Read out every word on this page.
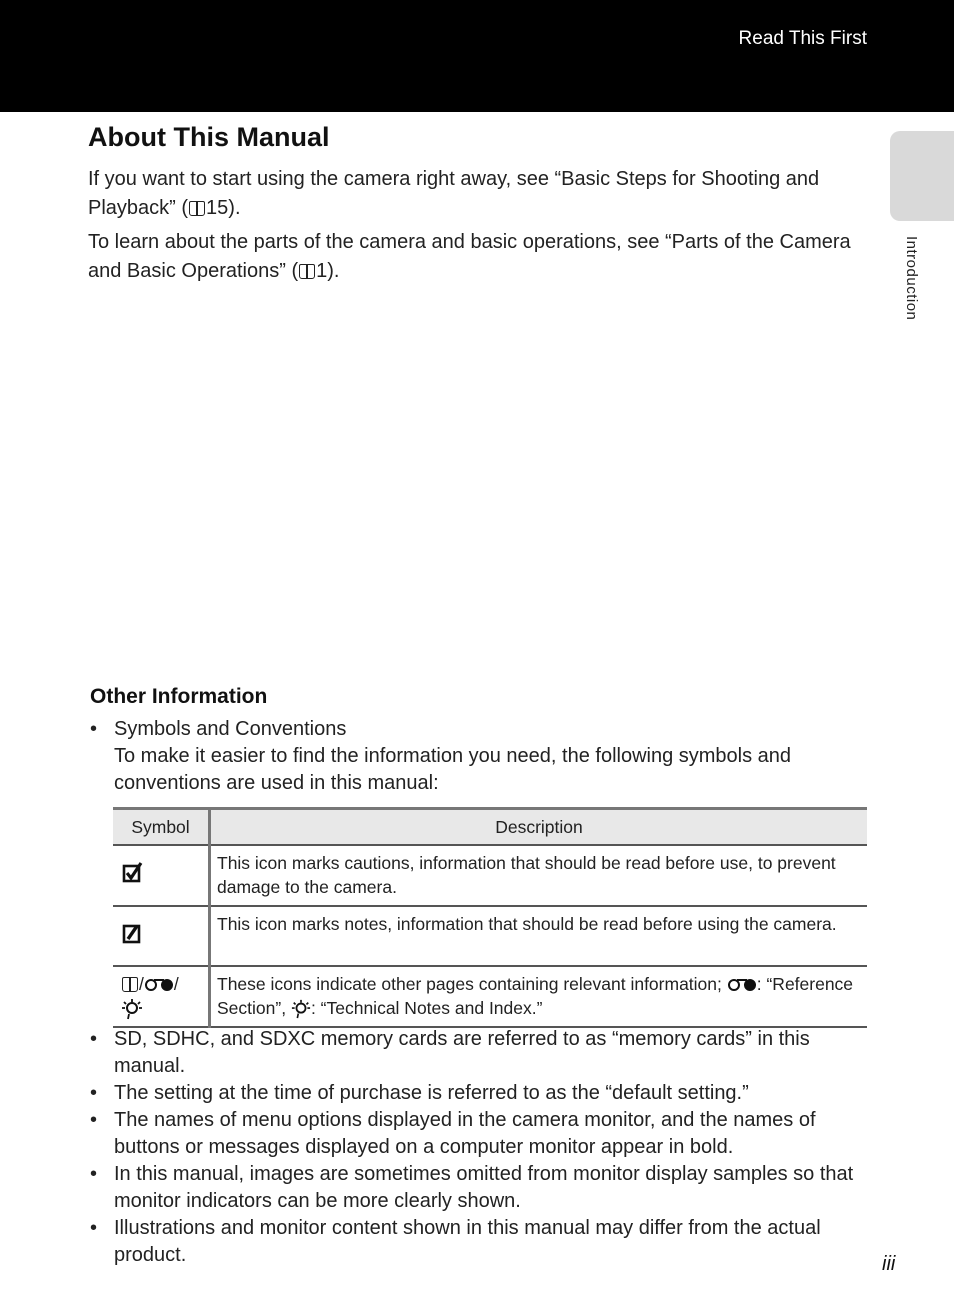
Read This First
Introduction
About This Manual

If you want to start using the camera right away, see “Basic Steps for Shooting and Playback” ( 15).

To learn about the parts of the camera and basic operations, see “Parts of the Camera and Basic Operations” ( 1).

Other Information

• Symbols and Conventions

To make it easier to find the information you need, the following symbols and conventions are used in this manual:

Symbol	Description
	This icon marks cautions, information that should be read before use, to prevent damage to the camera.
	This icon marks notes, information that should be read before using the camera.
/ /	These icons indicate other pages containing relevant information; : “Reference Section”, : “Technical Notes and Index.”
• SD, SDHC, and SDXC memory cards are referred to as “memory cards” in this manual.
• The setting at the time of purchase is referred to as the “default setting.”
• The names of menu options displayed in the camera monitor, and the names of buttons or messages displayed on a computer monitor appear in bold.
• In this manual, images are sometimes omitted from monitor display samples so that monitor indicators can be more clearly shown.
• Illustrations and monitor content shown in this manual may differ from the actual product.	iii
